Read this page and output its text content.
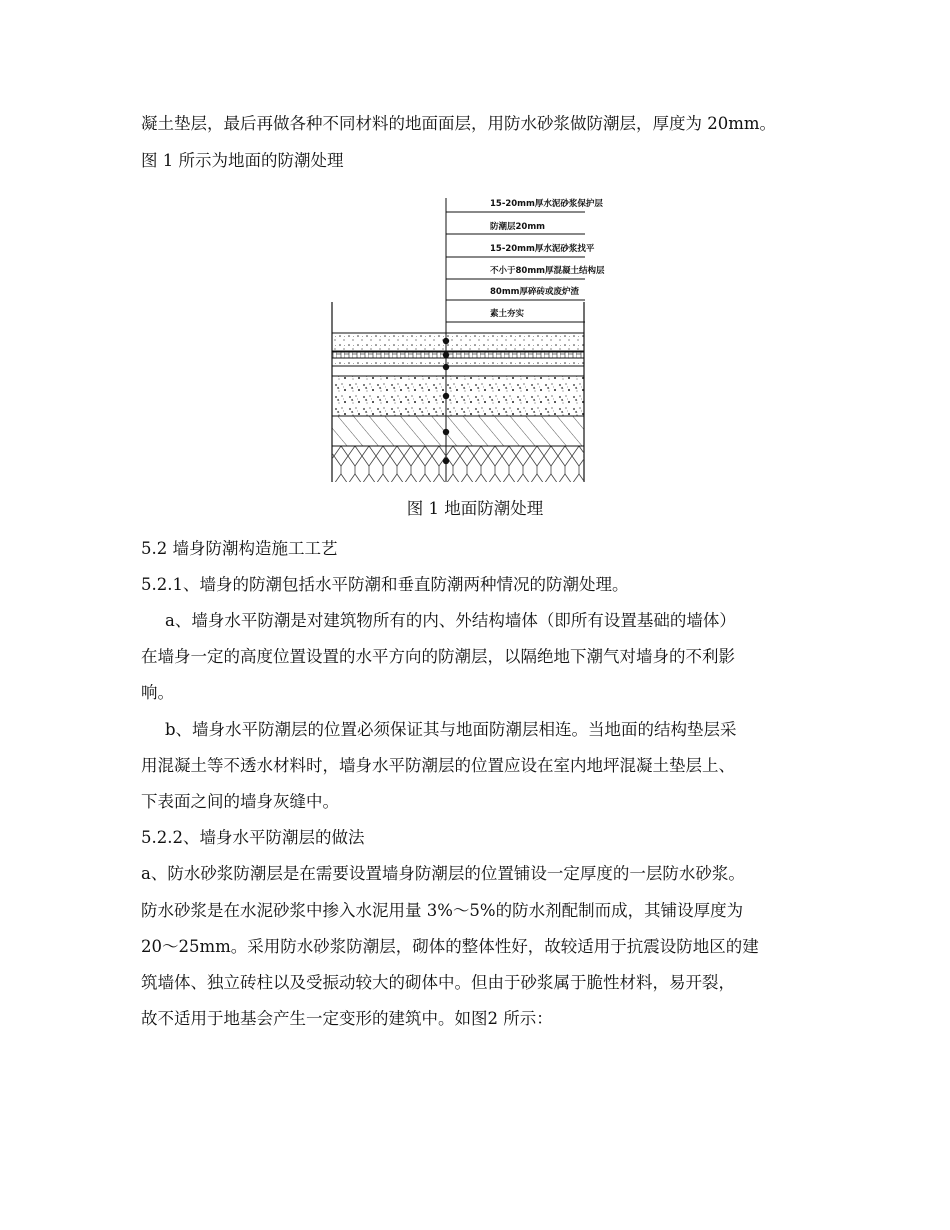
凝土垫层，最后再做各种不同材料的地面面层，用防水砂浆做防潮层，厚度为 20mm。
图 1 所示为地面的防潮处理
15-20mm厚水泥砂浆保护层
防潮层20mm
15-20mm厚水泥砂浆找平
不小于80mm厚混凝土结构层
80mm厚碎砖或废炉渣
素土夯实
图 1 地面防潮处理
5.2 墙身防潮构造施工工艺
5.2.1、墙身的防潮包括水平防潮和垂直防潮两种情况的防潮处理。
a、墙身水平防潮是对建筑物所有的内、外结构墙体（即所有设置基础的墙体）
在墙身一定的高度位置设置的水平方向的防潮层，以隔绝地下潮气对墙身的不利影
响。
b、墙身水平防潮层的位置必须保证其与地面防潮层相连。当地面的结构垫层采
用混凝土等不透水材料时，墙身水平防潮层的位置应设在室内地坪混凝土垫层上、
下表面之间的墙身灰缝中。
5.2.2、墙身水平防潮层的做法
a、防水砂浆防潮层是在需要设置墙身防潮层的位置铺设一定厚度的一层防水砂浆。
防水砂浆是在水泥砂浆中掺入水泥用量 3%～5%的防水剂配制而成，其铺设厚度为
20～25mm。采用防水砂浆防潮层，砌体的整体性好，故较适用于抗震设防地区的建
筑墙体、独立砖柱以及受振动较大的砌体中。但由于砂浆属于脆性材料，易开裂，
故不适用于地基会产生一定变形的建筑中。如图2 所示：
